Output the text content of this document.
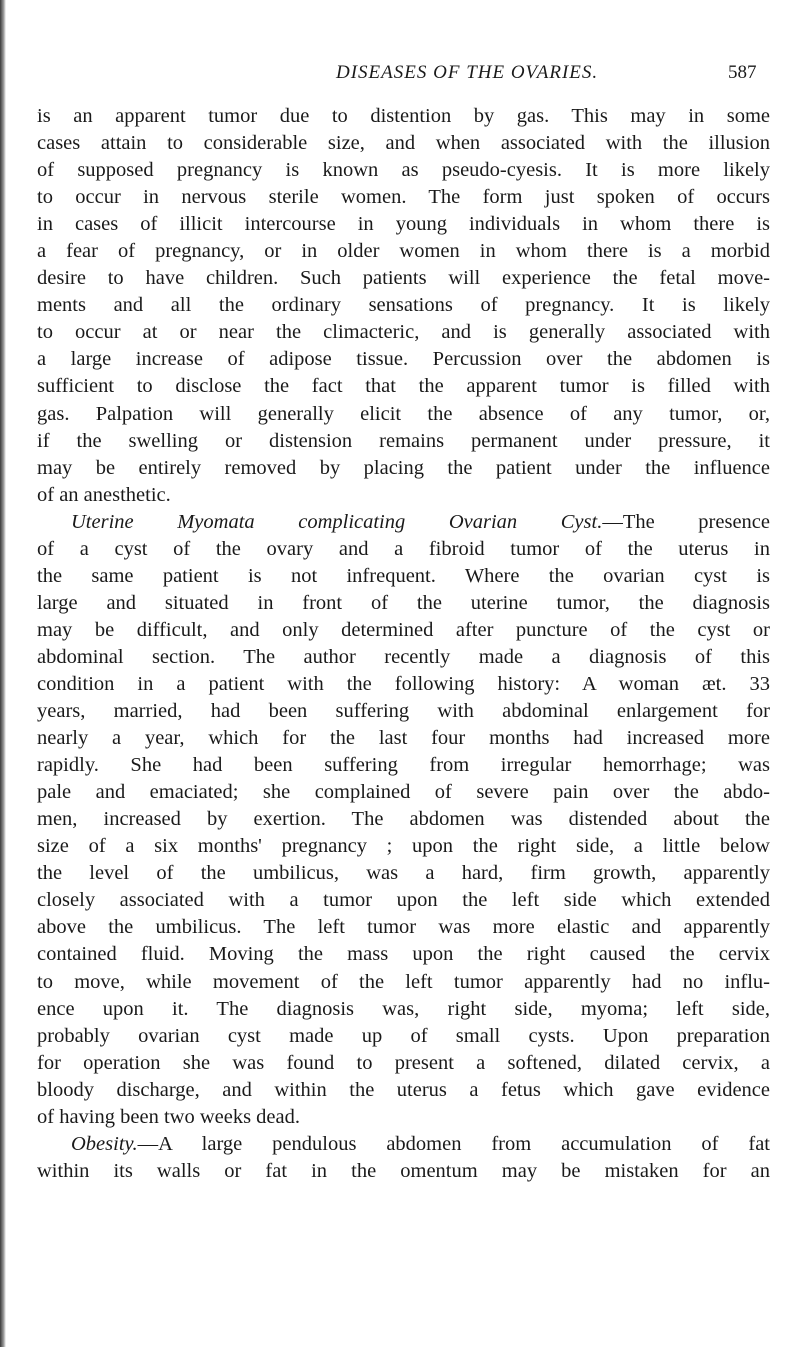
DISEASES OF THE OVARIES.	587
is an apparent tumor due to distention by gas. This may in some
cases attain to considerable size, and when associated with the illusion
of supposed pregnancy is known as pseudo-cyesis. It is more likely
to occur in nervous sterile women. The form just spoken of occurs
in cases of illicit intercourse in young individuals in whom there is
a fear of pregnancy, or in older women in whom there is a morbid
desire to have children. Such patients will experience the fetal move-
ments and all the ordinary sensations of pregnancy. It is likely
to occur at or near the climacteric, and is generally associated with
a large increase of adipose tissue. Percussion over the abdomen is
sufficient to disclose the fact that the apparent tumor is filled with
gas. Palpation will generally elicit the absence of any tumor, or,
if the swelling or distension remains permanent under pressure, it
may be entirely removed by placing the patient under the influence
of an anesthetic.
Uterine Myomata complicating Ovarian Cyst.—The presence
of a cyst of the ovary and a fibroid tumor of the uterus in
the same patient is not infrequent. Where the ovarian cyst is
large and situated in front of the uterine tumor, the diagnosis
may be difficult, and only determined after puncture of the cyst or
abdominal section. The author recently made a diagnosis of this
condition in a patient with the following history: A woman æt. 33
years, married, had been suffering with abdominal enlargement for
nearly a year, which for the last four months had increased more
rapidly. She had been suffering from irregular hemorrhage; was
pale and emaciated; she complained of severe pain over the abdo-
men, increased by exertion. The abdomen was distended about the
size of a six months' pregnancy ; upon the right side, a little below
the level of the umbilicus, was a hard, firm growth, apparently
closely associated with a tumor upon the left side which extended
above the umbilicus. The left tumor was more elastic and apparently
contained fluid. Moving the mass upon the right caused the cervix
to move, while movement of the left tumor apparently had no influ-
ence upon it. The diagnosis was, right side, myoma; left side,
probably ovarian cyst made up of small cysts. Upon preparation
for operation she was found to present a softened, dilated cervix, a
bloody discharge, and within the uterus a fetus which gave evidence
of having been two weeks dead.
Obesity.—A large pendulous abdomen from accumulation of fat
within its walls or fat in the omentum may be mistaken for an
